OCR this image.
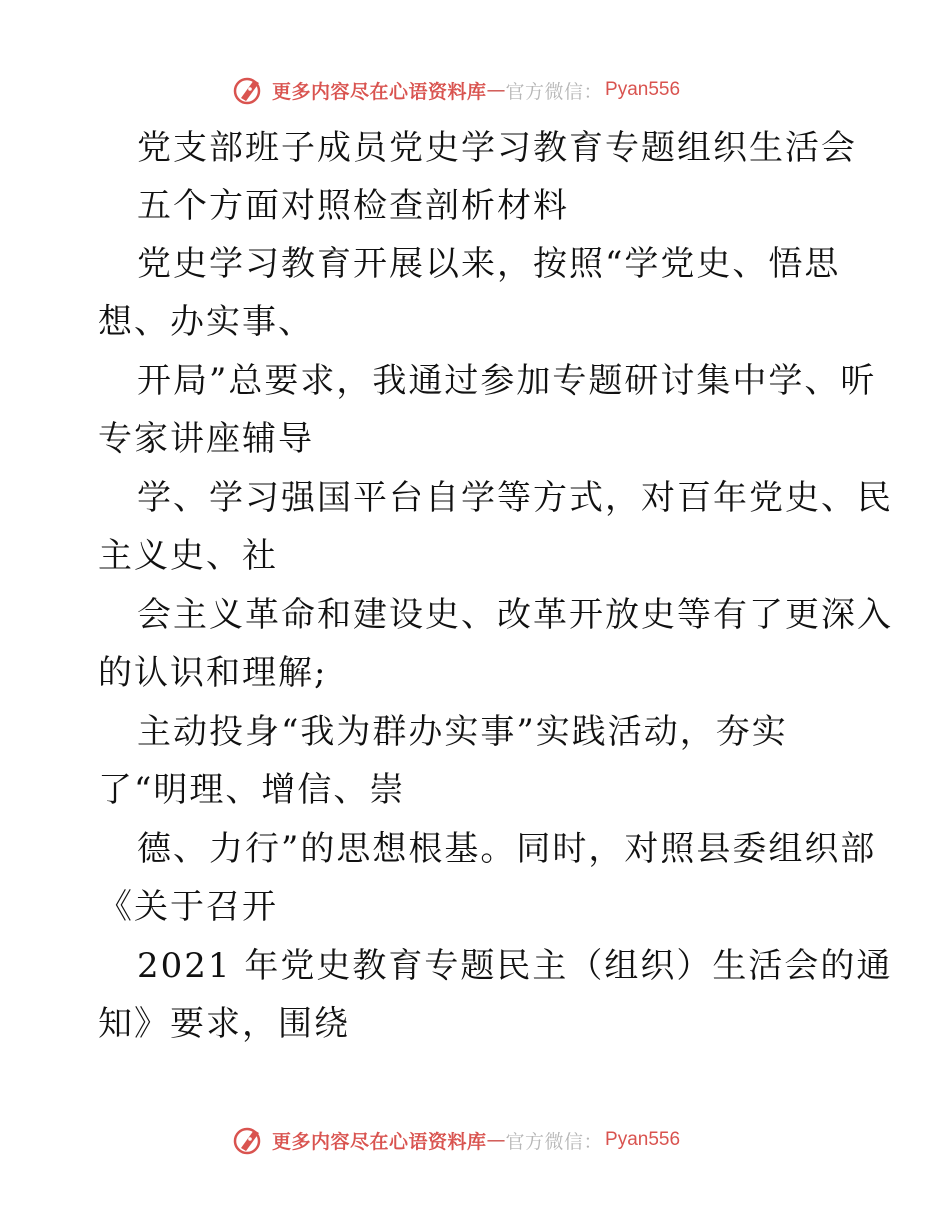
更多内容尽在心语资料库 — 官方微信： Pyan556

党支部班子成员党史学习教育专题组织生活会

五个方面对照检查剖析材料

党史学习教育开展以来，按照“学党史、悟思

想、办实事、

开局”总要求，我通过参加专题研讨集中学、听

专家讲座辅导

学、学习强国平台自学等方式，对百年党史、民

主义史、社

会主义革命和建设史、改革开放史等有了更深入

的认识和理解;

主动投身“我为群办实事”实践活动，夯实

了“明理、增信、崇

德、力行”的思想根基。同时，对照县委组织部

《关于召开

2021 年党史教育专题民主（组织）生活会的通

知》要求，围绕

更多内容尽在心语资料库 — 官方微信： Pyan556
